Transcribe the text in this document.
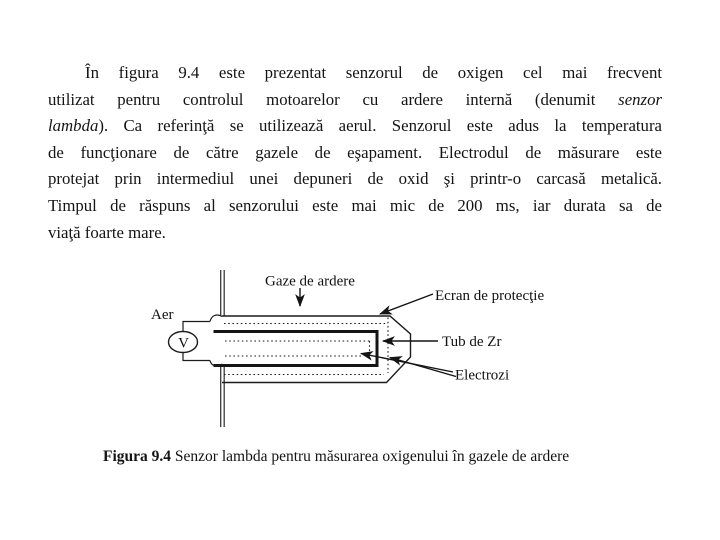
În figura 9.4 este prezentat senzorul de oxigen cel mai frecvent
utilizat pentru controlul motoarelor cu ardere internă (denumit senzor
lambda). Ca referinţă se utilizează aerul. Senzorul este adus la temperatura
de funcţionare de către gazele de eşapament. Electrodul de măsurare este
protejat prin intermediul unei depuneri de oxid şi printr-o carcasă metalică.
Timpul de răspuns al senzorului este mai mic de 200 ms, iar durata sa de
viaţă foarte mare.
V
Gaze de ardere
Ecran de protecţie
Tub de Zr
Electrozi
Aer
Figura 9.4 Senzor lambda pentru măsurarea oxigenului în gazele de ardere
